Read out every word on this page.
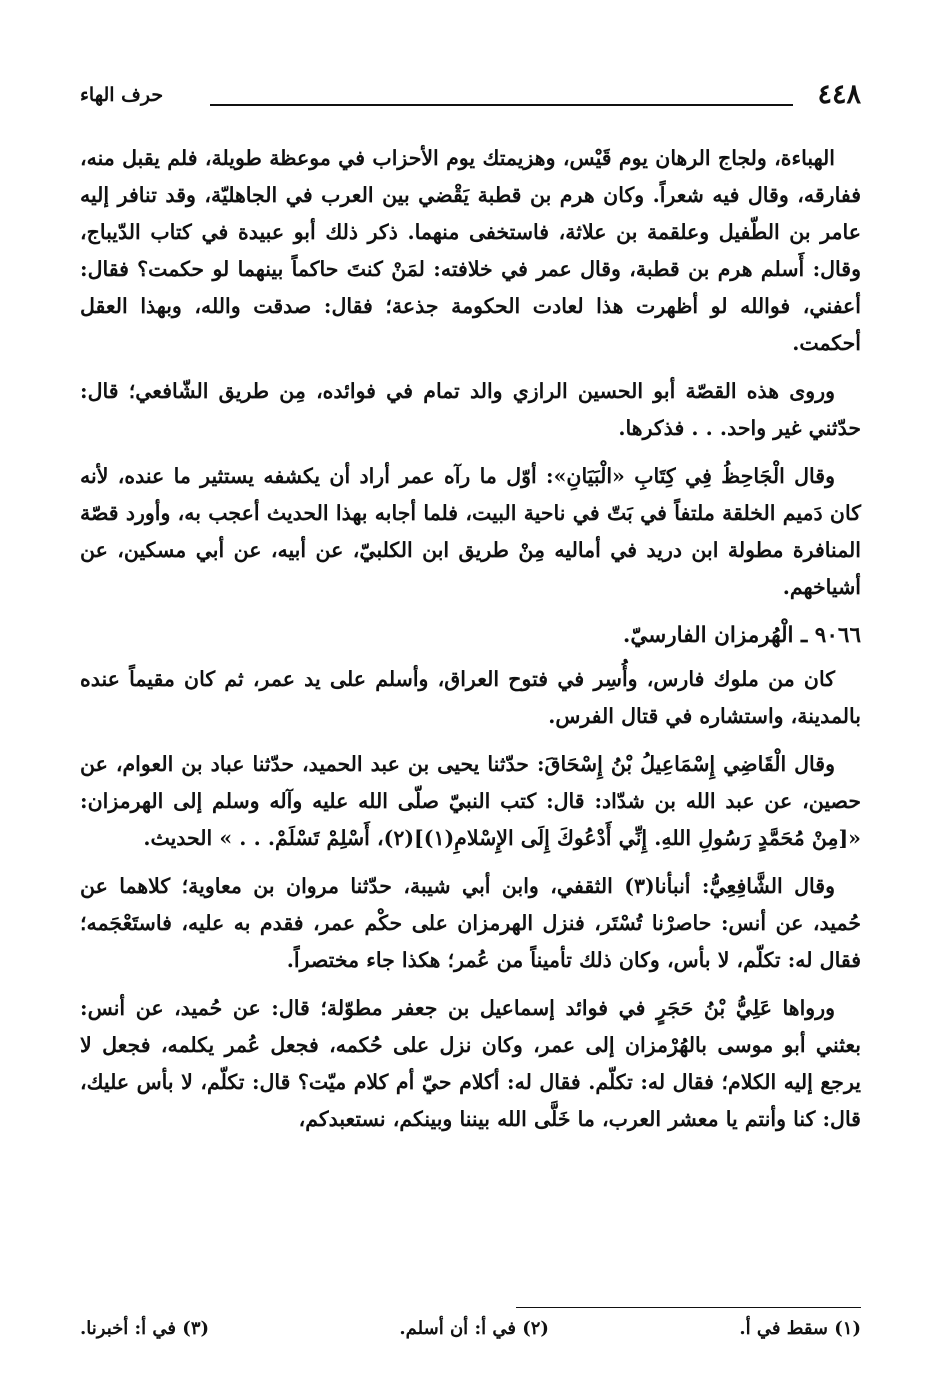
٤٤٨
حرف الهاء

الهباءة، ولجاج الرهان يوم قَيْس، وهزيمتك يوم الأحزاب في موعظة طويلة، فلم يقبل منه، ففارقه، وقال فيه شعراً. وكان هرم بن قطبة يَقْضي بين العرب في الجاهليّة، وقد تنافر إليه عامر بن الطّفيل وعلقمة بن علاثة، فاستخفى منهما. ذكر ذلك أبو عبيدة في كتاب الدّيباج، وقال: أَسلم هرم بن قطبة، وقال عمر في خلافته: لمَنْ كنتَ حاكماً بينهما لو حكمت؟ فقال: أعفني، فوالله لو أظهرت هذا لعادت الحكومة جذعة؛ فقال: صدقت والله، وبهذا العقل أحكمت.

وروى هذه القصّة أبو الحسين الرازي والد تمام في فوائده، مِن طريق الشّافعي؛ قال: حدّثني غير واحد. . . فذكرها.

وقال الْجَاحِظُ فِي كِتَابِ «الْبَيَانِ»: أوّل ما رآه عمر أراد أن يكشفه يستثير ما عنده، لأنه كان دَميم الخلقة ملتفاً في بَتّ في ناحية البيت، فلما أجابه بهذا الحديث أعجب به، وأورد قصّة المنافرة مطولة ابن دريد في أماليه مِنْ طريق ابن الكلبيّ، عن أبيه، عن أبي مسكين، عن أشياخهم.

٩٠٦٦ ـ الْهُرمزان الفارسيّ.

كان من ملوك فارس، وأُسِر في فتوح العراق، وأسلم على يد عمر، ثم كان مقيماً عنده بالمدينة، واستشاره في قتال الفرس.

وقال الْقَاضِي إِسْمَاعِيلُ بْنُ إِسْحَاقَ: حدّثنا يحيى بن عبد الحميد، حدّثنا عباد بن العوام، عن حصين، عن عبد الله بن شدّاد: قال: كتب النبيّ صلّى الله عليه وآله وسلم إلى الهرمزان: «[مِنْ مُحَمَّدٍ رَسُولِ اللهِ. إِنِّي أَدْعُوكَ إِلَى الإِسْلامِ(١)](٢)، أَسْلِمْ تَسْلَمْ. . . » الحديث.

وقال الشَّافِعِيُّ: أنبأنا(٣) الثقفي، وابن أبي شيبة، حدّثنا مروان بن معاوية؛ كلاهما عن حُميد، عن أنس: حاصرْنا تُسْتَر، فنزل الهرمزان على حكْم عمر، فقدم به عليه، فاستَعْجَمه؛ فقال له: تكلّم، لا بأس، وكان ذلك تأميناً من عُمر؛ هكذا جاء مختصراً.

ورواها عَلِيُّ بْنُ حَجَرٍ في فوائد إسماعيل بن جعفر مطوّلة؛ قال: عن حُميد، عن أنس: بعثني أبو موسى بالهُرْمزان إلى عمر، وكان نزل على حُكمه، فجعل عُمر يكلمه، فجعل لا يرجع إليه الكلام؛ فقال له: تكلّم. فقال له: أكلام حيّ أم كلام ميّت؟ قال: تكلّم، لا بأس عليك، قال: كنا وأنتم يا معشر العرب، ما خَلَّى الله بيننا وبينكم، نستعبدكم،

(١) سقط في أ.
(٢) في أ: أن أسلم.
(٣) في أ: أخبرنا.
